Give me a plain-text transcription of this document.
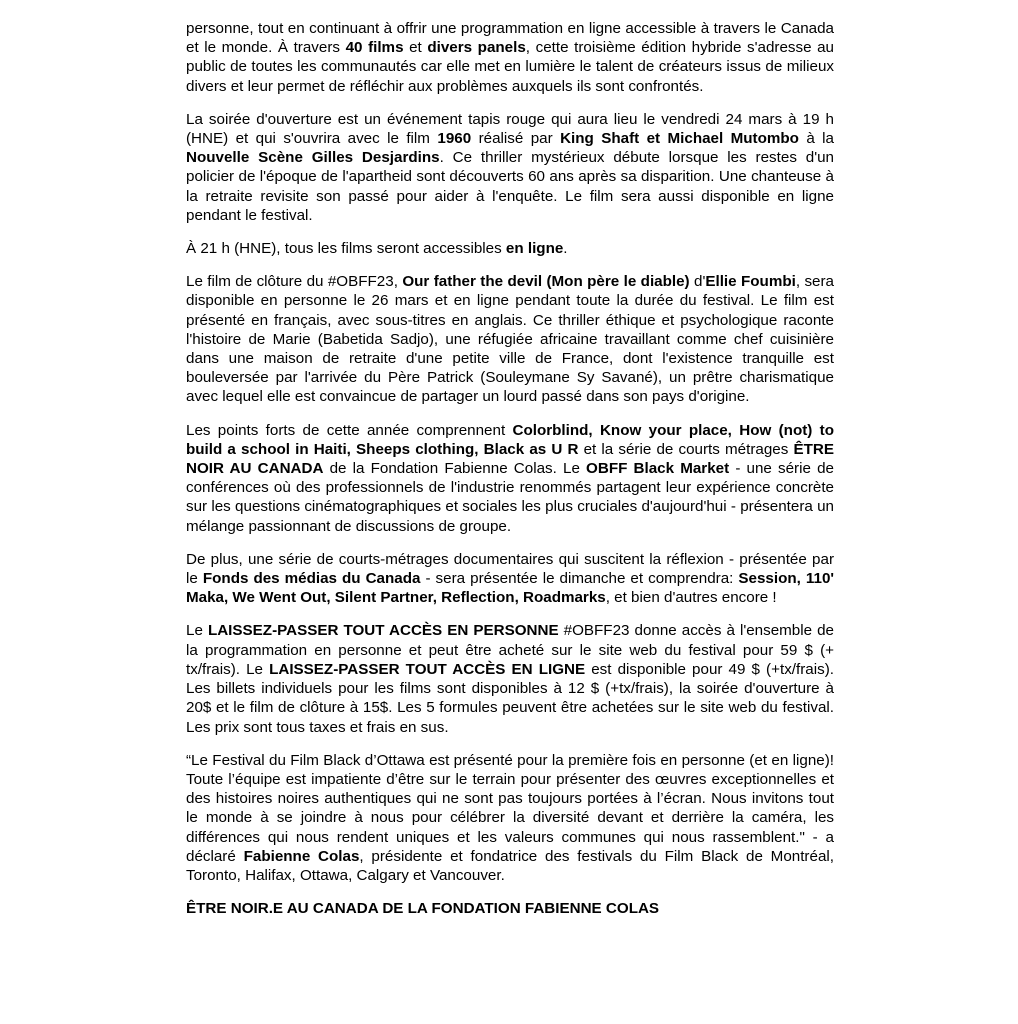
personne, tout en continuant à offrir une programmation en ligne accessible à travers le Canada et le monde. À travers 40 films et divers panels, cette troisième édition hybride s'adresse au public de toutes les communautés car elle met en lumière le talent de créateurs issus de milieux divers et leur permet de réfléchir aux problèmes auxquels ils sont confrontés.

La soirée d'ouverture est un événement tapis rouge qui aura lieu le vendredi 24 mars à 19 h (HNE) et qui s'ouvrira avec le film 1960 réalisé par King Shaft et Michael Mutombo à la Nouvelle Scène Gilles Desjardins. Ce thriller mystérieux débute lorsque les restes d'un policier de l'époque de l'apartheid sont découverts 60 ans après sa disparition. Une chanteuse à la retraite revisite son passé pour aider à l'enquête. Le film sera aussi disponible en ligne pendant le festival.

À 21 h (HNE), tous les films seront accessibles en ligne.

Le film de clôture du #OBFF23, Our father the devil (Mon père le diable) d'Ellie Foumbi, sera disponible en personne le 26 mars et en ligne pendant toute la durée du festival. Le film est présenté en français, avec sous-titres en anglais. Ce thriller éthique et psychologique raconte l'histoire de Marie (Babetida Sadjo), une réfugiée africaine travaillant comme chef cuisinière dans une maison de retraite d'une petite ville de France, dont l'existence tranquille est bouleversée par l'arrivée du Père Patrick (Souleymane Sy Savané), un prêtre charismatique avec lequel elle est convaincue de partager un lourd passé dans son pays d'origine.

Les points forts de cette année comprennent Colorblind, Know your place, How (not) to build a school in Haiti, Sheeps clothing, Black as U R et la série de courts métrages ÊTRE NOIR AU CANADA de la Fondation Fabienne Colas. Le OBFF Black Market - une série de conférences où des professionnels de l'industrie renommés partagent leur expérience concrète sur les questions cinématographiques et sociales les plus cruciales d'aujourd'hui - présentera un mélange passionnant de discussions de groupe.

De plus, une série de courts-métrages documentaires qui suscitent la réflexion - présentée par le Fonds des médias du Canada - sera présentée le dimanche et comprendra: Session, 110' Maka, We Went Out, Silent Partner, Reflection, Roadmarks, et bien d'autres encore !

Le LAISSEZ-PASSER TOUT ACCÈS EN PERSONNE #OBFF23 donne accès à l'ensemble de la programmation en personne et peut être acheté sur le site web du festival pour 59 $ (+ tx/frais). Le LAISSEZ-PASSER TOUT ACCÈS EN LIGNE est disponible pour 49 $ (+tx/frais). Les billets individuels pour les films sont disponibles à 12 $ (+tx/frais), la soirée d'ouverture à 20$ et le film de clôture à 15$. Les 5 formules peuvent être achetées sur le site web du festival. Les prix sont tous taxes et frais en sus.

“Le Festival du Film Black d’Ottawa est présenté pour la première fois en personne (et en ligne)! Toute l’équipe est impatiente d’être sur le terrain pour présenter des œuvres exceptionnelles et des histoires noires authentiques qui ne sont pas toujours portées à l’écran. Nous invitons tout le monde à se joindre à nous pour célébrer la diversité devant et derrière la caméra, les différences qui nous rendent uniques et les valeurs communes qui nous rassemblent." - a déclaré Fabienne Colas, présidente et fondatrice des festivals du Film Black de Montréal, Toronto, Halifax, Ottawa, Calgary et Vancouver.

ÊTRE NOIR.E AU CANADA DE LA FONDATION FABIENNE COLAS
